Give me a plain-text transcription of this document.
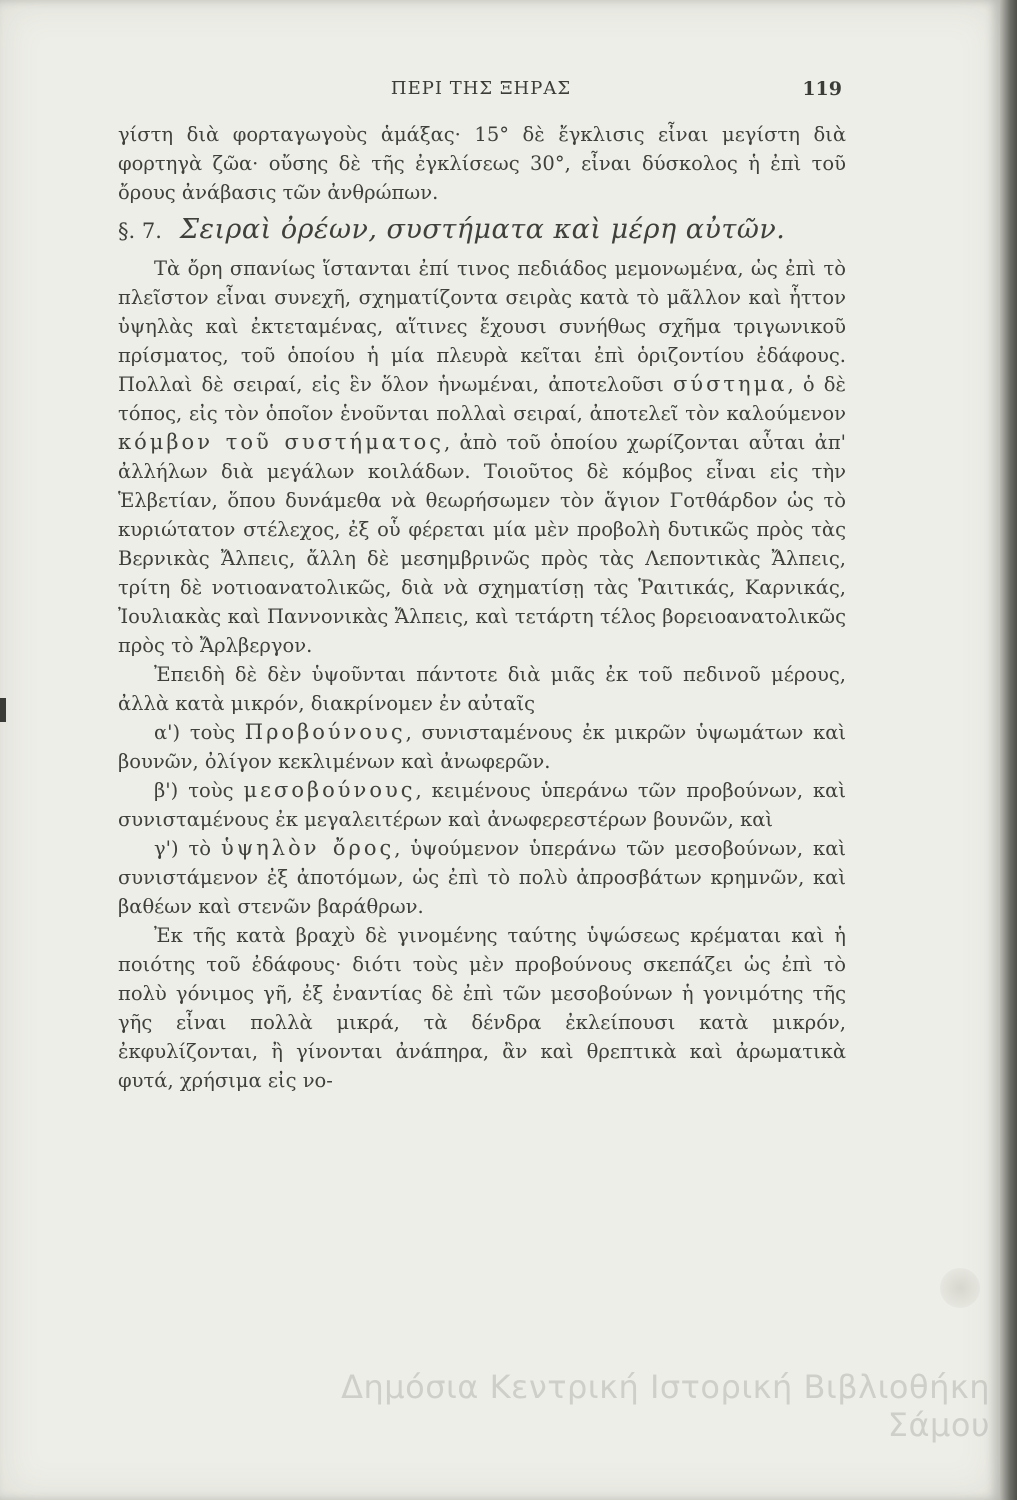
ΠΕΡΙ ΤΗΣ ΞΗΡΑΣ	119

γίστη διὰ φορταγωγοὺς ἁμάξας· 15° δὲ ἔγκλισις εἶναι μεγίστη διὰ φορτηγὰ ζῶα· οὔσης δὲ τῆς ἐγκλίσεως 30°, εἶναι δύσκολος ἡ ἐπὶ τοῦ ὄρους ἀνάβασις τῶν ἀνθρώπων.

§. 7. Σειραὶ ὀρέων, συστήματα καὶ μέρη αὐτῶν.

Τὰ ὄρη σπανίως ἵστανται ἐπί τινος πεδιάδος μεμονωμένα, ὡς ἐπὶ τὸ πλεῖστον εἶναι συνεχῆ, σχηματίζοντα σειρὰς κατὰ τὸ μᾶλλον καὶ ἧττον ὑψηλὰς καὶ ἐκτεταμένας, αἵτινες ἔχουσι συνήθως σχῆμα τριγωνικοῦ πρίσματος, τοῦ ὁποίου ἡ μία πλευρὰ κεῖται ἐπὶ ὁριζοντίου ἐδάφους. Πολλαὶ δὲ σειραί, εἰς ἓν ὅλον ἡνωμέναι, ἀποτελοῦσι σύστημα, ὁ δὲ τόπος, εἰς τὸν ὁποῖον ἑνοῦνται πολλαὶ σειραί, ἀποτελεῖ τὸν καλούμενον κόμβον τοῦ συστήματος, ἀπὸ τοῦ ὁποίου χωρίζονται αὗται ἀπ' ἀλλήλων διὰ μεγάλων κοιλάδων. Τοιοῦτος δὲ κόμβος εἶναι εἰς τὴν Ἑλβετίαν, ὅπου δυνάμεθα νὰ θεωρήσωμεν τὸν ἅγιον Γοτθάρδον ὡς τὸ κυριώτατον στέλεχος, ἐξ οὗ φέρεται μία μὲν προβολὴ δυτικῶς πρὸς τὰς Βερνικὰς Ἄλπεις, ἄλλη δὲ μεσημβρινῶς πρὸς τὰς Λεποντικὰς Ἄλπεις, τρίτη δὲ νοτιοανατολικῶς, διὰ νὰ σχηματίσῃ τὰς Ῥαιτικάς, Καρνικάς, Ἰουλιακὰς καὶ Παννονικὰς Ἄλπεις, καὶ τετάρτη τέλος βορειοανατολικῶς πρὸς τὸ Ἄρλβεργον.

Ἐπειδὴ δὲ δὲν ὑψοῦνται πάντοτε διὰ μιᾶς ἐκ τοῦ πεδινοῦ μέρους, ἀλλὰ κατὰ μικρόν, διακρίνομεν ἐν αὐταῖς

α') τοὺς Προβούνους, συνισταμένους ἐκ μικρῶν ὑψωμάτων καὶ βουνῶν, ὀλίγον κεκλιμένων καὶ ἀνωφερῶν.

β') τοὺς μεσοβούνους, κειμένους ὑπεράνω τῶν προβούνων, καὶ συνισταμένους ἐκ μεγαλειτέρων καὶ ἀνωφερεστέρων βουνῶν, καὶ

γ') τὸ ὑψηλὸν ὄρος, ὑψούμενον ὑπεράνω τῶν μεσοβούνων, καὶ συνιστάμενον ἐξ ἀποτόμων, ὡς ἐπὶ τὸ πολὺ ἀπροσβάτων κρημνῶν, καὶ βαθέων καὶ στενῶν βαράθρων.

Ἐκ τῆς κατὰ βραχὺ δὲ γινομένης ταύτης ὑψώσεως κρέμαται καὶ ἡ ποιότης τοῦ ἐδάφους· διότι τοὺς μὲν προβούνους σκεπάζει ὡς ἐπὶ τὸ πολὺ γόνιμος γῆ, ἐξ ἐναντίας δὲ ἐπὶ τῶν μεσοβούνων ἡ γονιμότης τῆς γῆς εἶναι πολλὰ μικρά, τὰ δένδρα ἐκλείπουσι κατὰ μικρόν, ἐκφυλίζονται, ἢ γίνονται ἀνάπηρα, ἂν καὶ θρεπτικὰ καὶ ἀρωματικὰ φυτά, χρήσιμα εἰς νο-

Δημόσια Κεντρική Ιστορική Βιβλιοθήκη Σάμου
